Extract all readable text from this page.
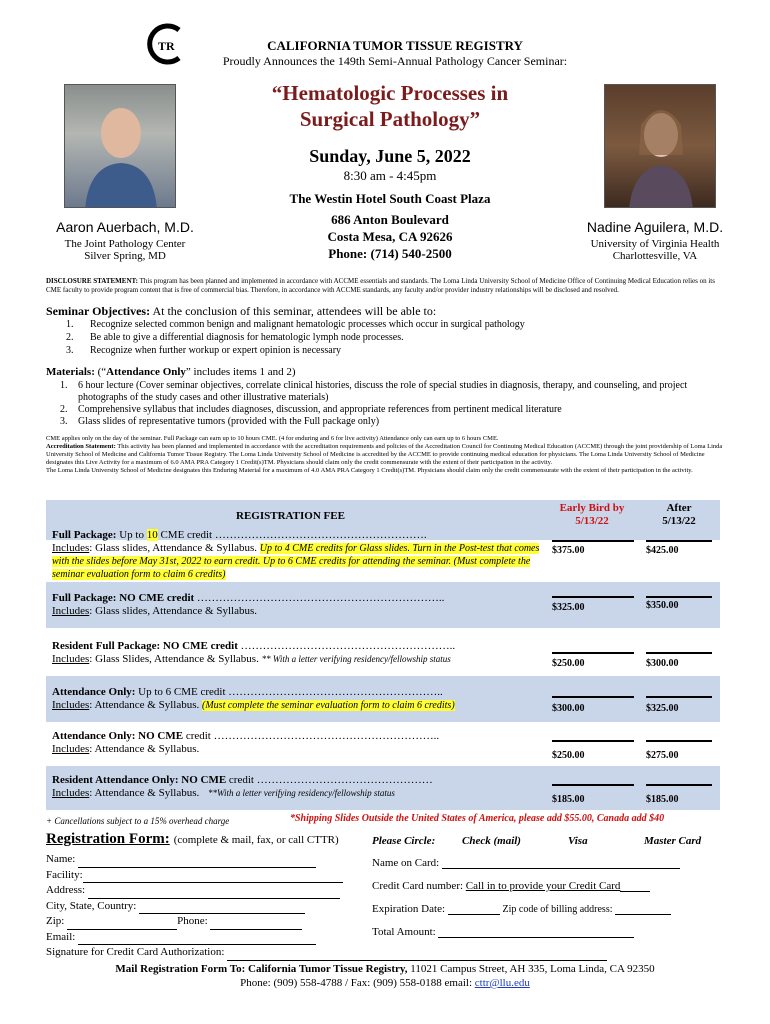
TR	CALIFORNIA TUMOR TISSUE REGISTRY
Proudly Announces the 149th Semi-Annual Pathology Cancer Seminar:
“Hematologic Processes in
Surgical Pathology”
Sunday, June 5, 2022
8:30 am - 4:45pm
The Westin Hotel South Coast Plaza
686 Anton Boulevard
Costa Mesa, CA 92626
Phone: (714) 540-2500
Aaron Auerbach, M.D.
The Joint Pathology Center
Silver Spring, MD
Nadine Aguilera, M.D.
University of Virginia Health
Charlottesville, VA
DISCLOSURE STATEMENT: This program has been planned and implemented in accordance with ACCME essentials and standards. The Loma Linda University School of Medicine Office of Continuing Medical Education relies on its CME faculty to provide program content that is free of commercial bias. Therefore, in accordance with ACCME standards, any faculty and/or provider industry relationships will be disclosed and resolved.
Seminar Objectives: At the conclusion of this seminar, attendees will be able to:
1. Recognize selected common benign and malignant hematologic processes which occur in surgical pathology
2. Be able to give a differential diagnosis for hematologic lymph node processes.
3. Recognize when further workup or expert opinion is necessary
Materials: (“Attendance Only” includes items 1 and 2)
1.	6 hour lecture (Cover seminar objectives, correlate clinical histories, discuss the role of special studies in diagnosis, therapy, and counseling, and project photographs of the study cases and other illustrative materials)
2.	Comprehensive syllabus that includes diagnoses, discussion, and appropriate references from pertinent medical literature
3.	Glass slides of representative tumors (provided with the Full package only)
CME applies only on the day of the seminar. Full Package can earn up to 10 hours CME. (4 for enduring and 6 for live activity) Attendance only can earn up to 6 hours CME.
Accreditation Statement: This activity has been planned and implemented in accordance with the accreditation requirements and policies of the Accreditation Council for Continuing Medical Education (ACCME) through the joint providership of Loma Linda University School of Medicine and California Tumor Tissue Registry. The Loma Linda University School of Medicine is accredited by the ACCME to provide continuing medical education for physicians. The Loma Linda University School of Medicine designates this Live Activity for a maximum of 6.0 AMA PRA Category 1 Credit(s)TM. Physicians should claim only the credit commensurate with the extent of their participation in the activity.
The Loma Linda University School of Medicine designates this Enduring Material for a maximum of 4.0 AMA PRA Category 1 Credit(s)TM. Physicians should claim only the credit commensurate with the extent of their participation in the activity.
REGISTRATION FEE
Early Bird by
5/13/22
After
5/13/22
Full Package: Up to 10 CME credit ………………………………………………….
Includes: Glass slides, Attendance & Syllabus. Up to 4 CME credits for Glass slides. Turn in the Post-test that comes with the slides before May 31st, 2022 to earn credit. Up to 6 CME credits for attending the seminar. (Must complete the seminar evaluation form to claim 6 credits)
$375.00	$425.00
Full Package: NO CME credit …………………………………………………………..
Includes: Glass slides, Attendance & Syllabus.	$325.00	$350.00
Resident Full Package: NO CME credit …………………………………………………..
Includes: Glass Slides, Attendance & Syllabus. ** With a letter verifying residency/fellowship status	$250.00	$300.00
Attendance Only: Up to 6 CME credit …………………………………………………..
Includes: Attendance & Syllabus. (Must complete the seminar evaluation form to claim 6 credits)	$300.00	$325.00
Attendance Only: NO CME credit ……………………………………………………..
Includes: Attendance & Syllabus.
$250.00	$275.00
Resident Attendance Only: NO CME credit …………………………………………
Includes: Attendance & Syllabus. **With a letter verifying residency/fellowship status
$185.00	$185.00
+ Cancellations subject to a 15% overhead charge	*Shipping Slides Outside the United States of America, please add $55.00, Canada add $40
Registration Form: (complete & mail, fax, or call CTTR)	Please Circle: Check (mail)	Visa	Master Card
Name:
Facility:
Address:
City, State, Country:
Zip:	Phone:
Email:
Signature for Credit Card Authorization:
Name on Card:
Credit Card number: Call in to provide your Credit Card
Expiration Date:	Zip code of billing address:
Total Amount:
Mail Registration Form To: California Tumor Tissue Registry, 11021 Campus Street, AH 335, Loma Linda, CA 92350
Phone: (909) 558-4788 / Fax: (909) 558-0188 email: cttr@llu.edu
